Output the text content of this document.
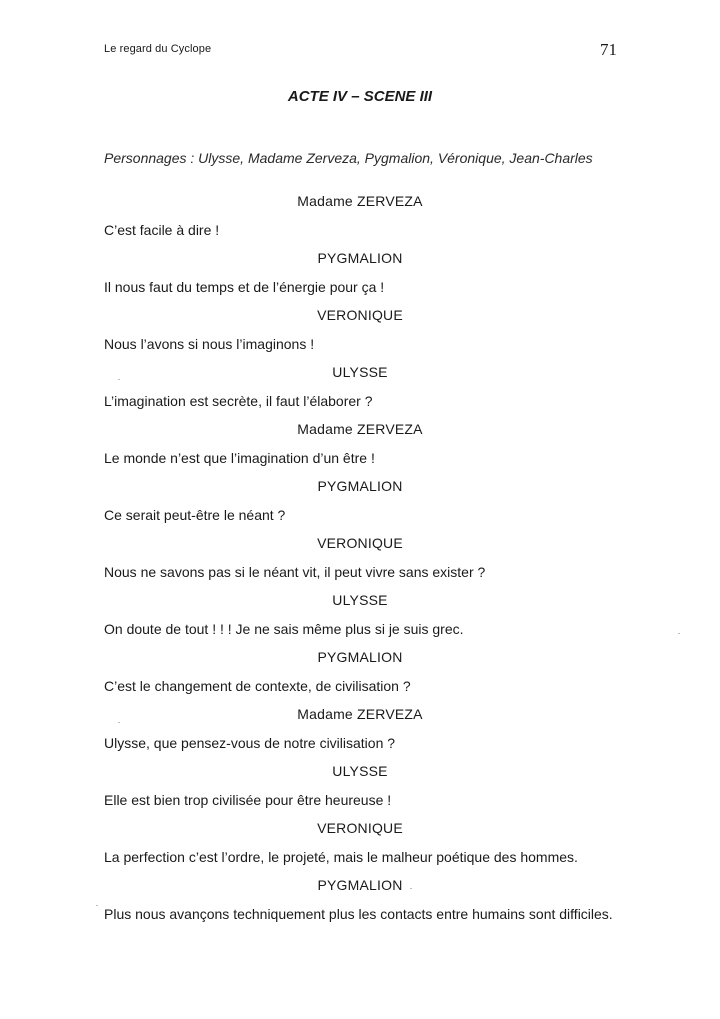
Le regard du Cyclope	71
ACTE IV – SCENE III
Personnages : Ulysse, Madame Zerveza, Pygmalion, Véronique, Jean-Charles
Madame ZERVEZA
C’est facile à dire !
PYGMALION
Il nous faut du temps et de l’énergie pour ça !
VERONIQUE
Nous l’avons si nous l’imaginons !
ULYSSE
L’imagination est secrète, il faut l’élaborer ?
Madame ZERVEZA
Le monde n’est que l’imagination d’un être !
PYGMALION
Ce serait peut-être le néant ?
VERONIQUE
Nous ne savons pas si le néant vit, il peut vivre sans exister ?
ULYSSE
On doute de tout ! ! ! Je ne sais même plus si je suis grec.
PYGMALION
C’est le changement de contexte, de civilisation ?
Madame ZERVEZA
Ulysse, que pensez-vous de notre civilisation ?
ULYSSE
Elle est bien trop civilisée pour être heureuse !
VERONIQUE
La perfection c’est l’ordre, le projeté, mais le malheur poétique des hommes.
PYGMALION
Plus nous avançons techniquement plus les contacts entre humains sont difficiles.
